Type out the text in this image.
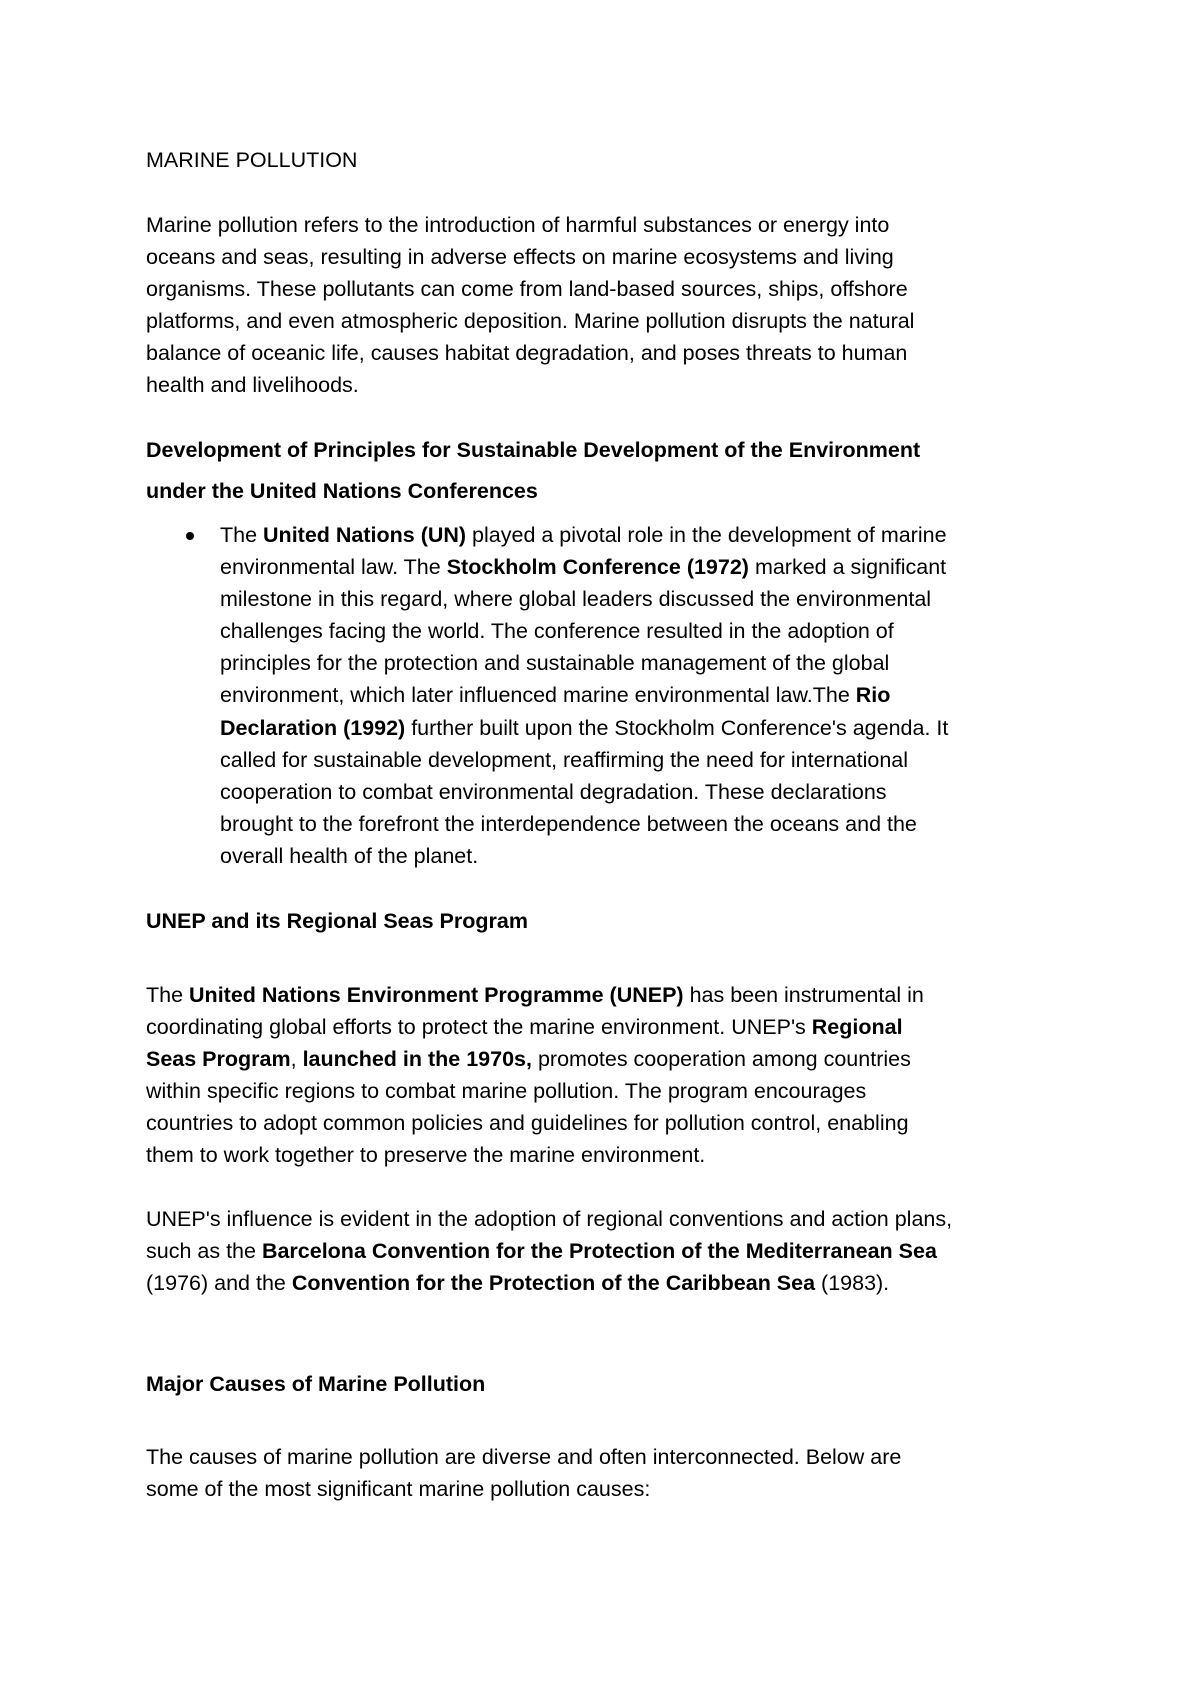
MARINE POLLUTION
Marine pollution refers to the introduction of harmful substances or energy into
oceans and seas, resulting in adverse effects on marine ecosystems and living
organisms. These pollutants can come from land-based sources, ships, offshore
platforms, and even atmospheric deposition. Marine pollution disrupts the natural
balance of oceanic life, causes habitat degradation, and poses threats to human
health and livelihoods.
Development of Principles for Sustainable Development of the Environment
under the United Nations Conferences
The United Nations (UN) played a pivotal role in the development of marine
environmental law. The Stockholm Conference (1972) marked a significant
milestone in this regard, where global leaders discussed the environmental
challenges facing the world. The conference resulted in the adoption of
principles for the protection and sustainable management of the global
environment, which later influenced marine environmental law.The Rio
Declaration (1992) further built upon the Stockholm Conference's agenda. It
called for sustainable development, reaffirming the need for international
cooperation to combat environmental degradation. These declarations
brought to the forefront the interdependence between the oceans and the
overall health of the planet.
UNEP and its Regional Seas Program
The United Nations Environment Programme (UNEP) has been instrumental in
coordinating global efforts to protect the marine environment. UNEP's Regional
Seas Program, launched in the 1970s, promotes cooperation among countries
within specific regions to combat marine pollution. The program encourages
countries to adopt common policies and guidelines for pollution control, enabling
them to work together to preserve the marine environment.
UNEP's influence is evident in the adoption of regional conventions and action plans,
such as the Barcelona Convention for the Protection of the Mediterranean Sea
(1976) and the Convention for the Protection of the Caribbean Sea (1983).
Major Causes of Marine Pollution
The causes of marine pollution are diverse and often interconnected. Below are
some of the most significant marine pollution causes:
